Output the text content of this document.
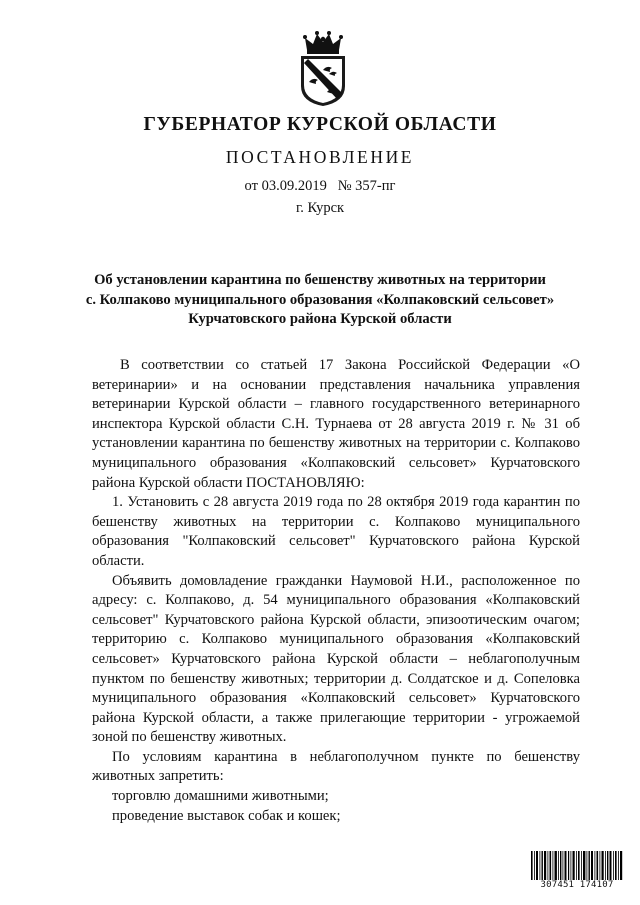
ГУБЕРНАТОР КУРСКОЙ ОБЛАСТИ
ПОСТАНОВЛЕНИЕ
от 03.09.2019   № 357-пг
г. Курск
Об установлении карантина по бешенству животных на территории
с. Колпаково муниципального образования «Колпаковский сельсовет»
Курчатовского района Курской области

В соответствии со статьей 17 Закона Российской Федерации «О ветеринарии» и на основании представления начальника управления ветеринарии Курской области – главного государственного ветеринарного инспектора Курской области С.Н. Турнаева от 28 августа 2019 г. № 31 об установлении карантина по бешенству животных на территории с. Колпаково муниципального образования «Колпаковский сельсовет» Курчатовского района Курской области ПОСТАНОВЛЯЮ:

1. Установить с 28 августа 2019 года по 28 октября 2019 года карантин по бешенству животных на территории с. Колпаково муниципального образования "Колпаковский сельсовет" Курчатовского района Курской области.

Объявить домовладение гражданки Наумовой Н.И., расположенное по адресу: с. Колпаково, д. 54 муниципального образования «Колпаковский сельсовет" Курчатовского района Курской области, эпизоотическим очагом; территорию с. Колпаково муниципального образования «Колпаковский сельсовет» Курчатовского района Курской области – неблагополучным пунктом по бешенству животных; территории д. Солдатское и д. Сопеловка муниципального образования «Колпаковский сельсовет» Курчатовского района Курской области, а также прилегающие территории - угрожаемой зоной по бешенству животных.

По условиям карантина в неблагополучном пункте по бешенству животных запретить:

торговлю домашними животными;

проведение выставок собак и кошек;

307451 174107
